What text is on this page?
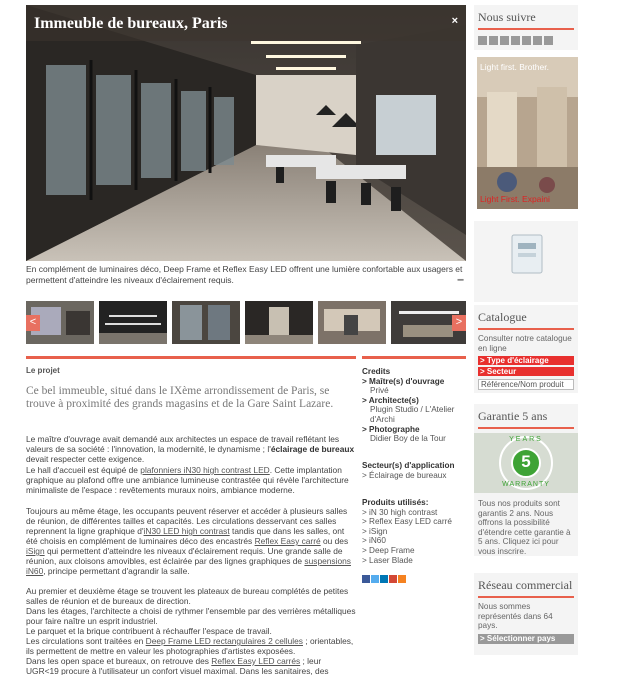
Immeuble de bureaux, Paris	×
En complément de luminaires déco, Deep Frame et Reflex Easy LED offrent une lumière confortable aux usagers et permettent d'atteindre les niveaux d'éclairement requis.	▪▪▪▪
<	>
Le projet
Ce bel immeuble, situé dans le IXème arrondissement de Paris, se trouve à proximité des grands magasins et de la Gare Saint Lazare.
Le maître d'ouvrage avait demandé aux architectes un espace de travail reflétant les valeurs de sa société : l'innovation, la modernité, le dynamisme ; l'éclairage de bureaux devait respecter cette exigence.
Le hall d'accueil est équipé de plafonniers iN30 high contrast LED. Cette implantation graphique au plafond offre une ambiance lumineuse contrastée qui révèle l'architecture minimaliste de l'espace : revêtements muraux noirs, ambiance moderne.
Toujours au même étage, les occupants peuvent réserver et accéder à plusieurs salles de réunion, de différentes tailles et capacités. Les circulations desservant ces salles reprennent la ligne graphique d'iN30 LED high contrast tandis que dans les salles, ont été choisis en complément de luminaires déco des encastrés Reflex Easy carré ou des iSign qui permettent d'atteindre les niveaux d'éclairement requis. Une grande salle de réunion, aux cloisons amovibles, est éclairée par des lignes graphiques de suspensions iN60, principe permettant d'agrandir la salle.
Au premier et deuxième étage se trouvent les plateaux de bureau complétés de petites salles de réunion et de bureaux de direction.
Dans les étages, l'architecte a choisi de rythmer l'ensemble par des verrières métalliques pour faire naître un esprit industriel.
Le parquet et la brique contribuent à réchauffer l'espace de travail.
Les circulations sont traitées en Deep Frame LED rectangulaires 2 cellules ; orientables, ils permettent de mettre en valeur les photographies d'artistes exposées.
Dans les open space et bureaux, on retrouve des Reflex Easy LED carrés ; leur UGR<19 procure à l'utilisateur un confort visuel maximal. Dans les sanitaires, des
Credits
> Maître(s) d'ouvrage
Privé
> Architecte(s)
Plugin Studio / L'Atelier d'Archi
> Photographe
Didier Boy de la Tour
Secteur(s) d'application
> Éclairage de bureaux
Produits utilisés:
> iN 30 high contrast
> Reflex Easy LED carré
> iSign
> iN60
> Deep Frame
> Laser Blade
Nous suivre
Light first. Brother.
Light First. Expaini
Catalogue
Consulter notre catalogue en ligne
> Type d'éclairage
> Secteur
Référence/Nom produit
Garantie 5 ans
YEARS
5
WARRANTY
Tous nos produits sont garantis 2 ans. Nous offrons la possibilité d'étendre cette garantie à 5 ans. Cliquez ici pour vous inscrire.
Réseau commercial
Nous sommes représentés dans 64 pays.
> Sélectionner pays
